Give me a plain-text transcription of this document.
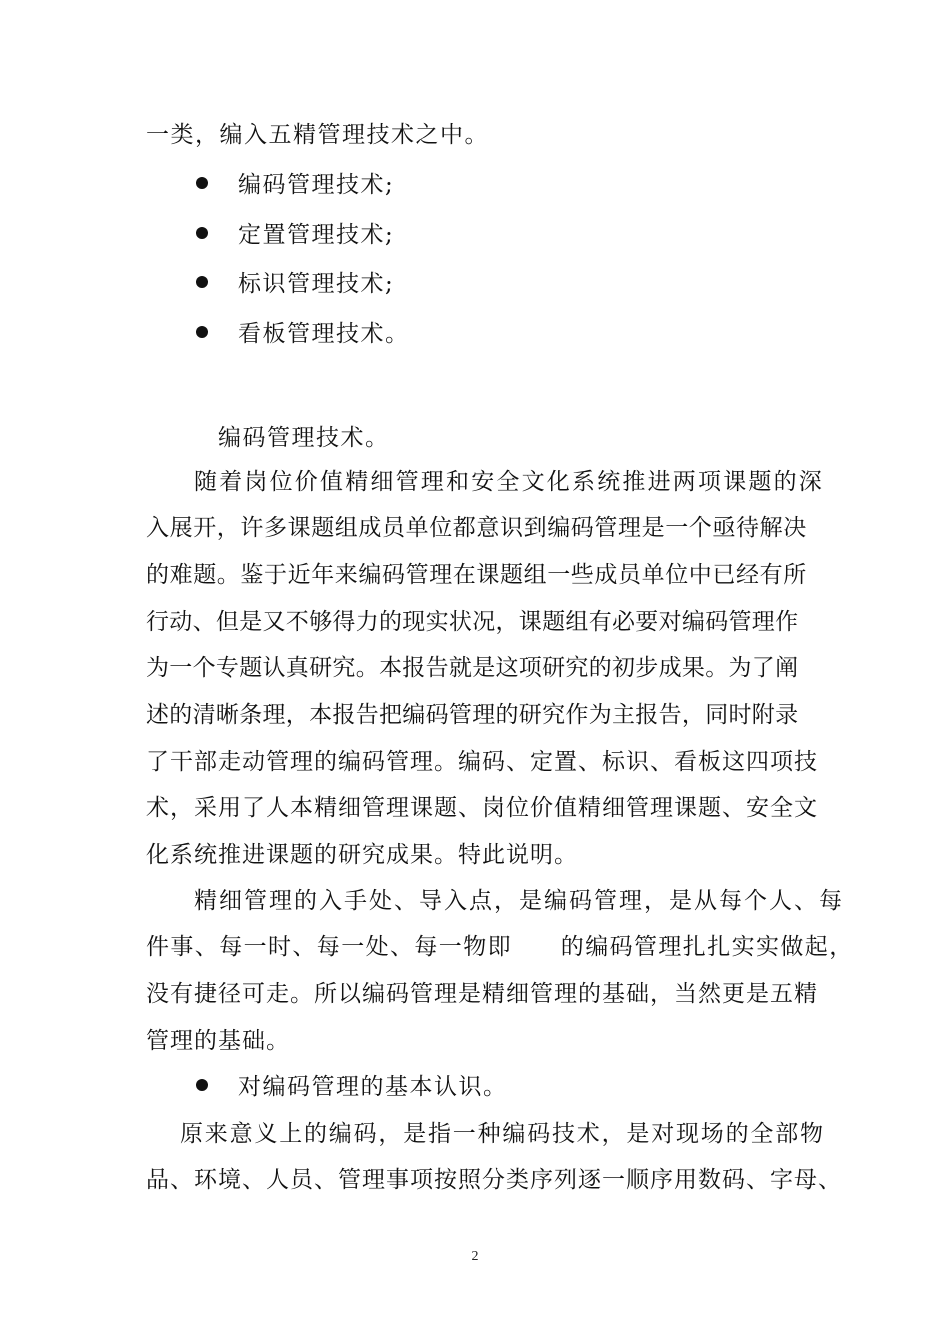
一类，编入五精管理技术之中。
编码管理技术;
定置管理技术;
标识管理技术;
看板管理技术。
编码管理技术。
随着岗位价值精细管理和安全文化系统推进两项课题的深
入展开，许多课题组成员单位都意识到编码管理是一个亟待解决
的难题。鉴于近年来编码管理在课题组一些成员单位中已经有所
行动、但是又不够得力的现实状况，课题组有必要对编码管理作
为一个专题认真研究。本报告就是这项研究的初步成果。为了阐
述的清晰条理，本报告把编码管理的研究作为主报告，同时附录
了干部走动管理的编码管理。编码、定置、标识、看板这四项技
术，采用了人本精细管理课题、岗位价值精细管理课题、安全文
化系统推进课题的研究成果。特此说明。
精细管理的入手处、导入点，是编码管理，是从每个人、每
件事、每一时、每一处、每一物即　　的编码管理扎扎实实做起，
没有捷径可走。所以编码管理是精细管理的基础，当然更是五精
管理的基础。
对编码管理的基本认识。
原来意义上的编码，是指一种编码技术，是对现场的全部物
品、环境、人员、管理事项按照分类序列逐一顺序用数码、字母、
2
